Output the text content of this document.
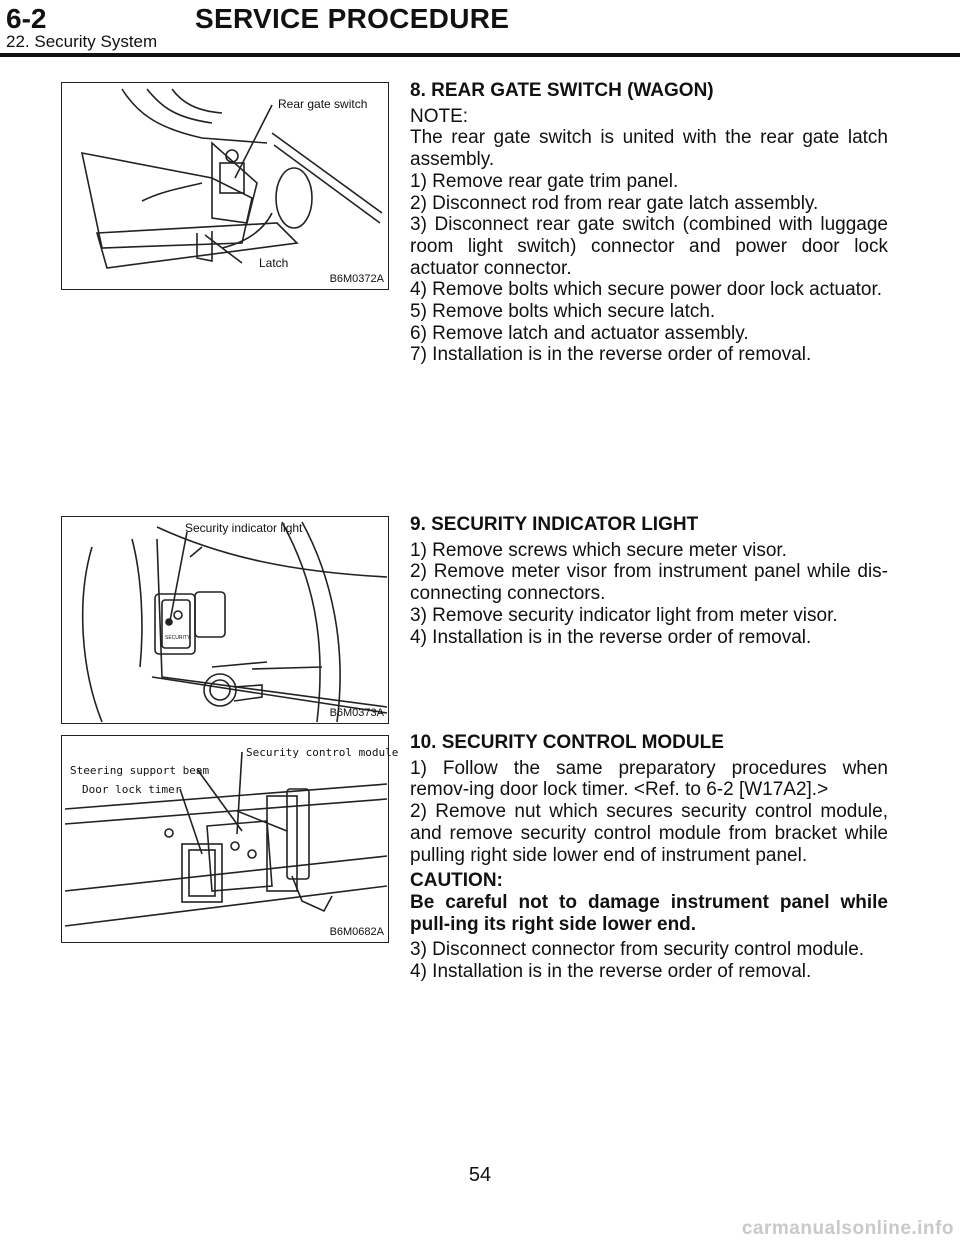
6-2	SERVICE PROCEDURE
22. Security System
Rear gate switch
Latch
B6M0372A
Security indicator light
SECURITY
B6M0373A
Security control module
Steering support beam
Door lock timer
B6M0682A

8. REAR GATE SWITCH (WAGON)

NOTE:

The rear gate switch is united with the rear gate latch assembly.

1) Remove rear gate trim panel.

2) Disconnect rod from rear gate latch assembly.

3) Disconnect rear gate switch (combined with luggage room light switch) connector and power door lock actuator connector.

4) Remove bolts which secure power door lock actuator.

5) Remove bolts which secure latch.

6) Remove latch and actuator assembly.

7) Installation is in the reverse order of removal.

9. SECURITY INDICATOR LIGHT

1) Remove screws which secure meter visor.

2) Remove meter visor from instrument panel while dis-connecting connectors.

3) Remove security indicator light from meter visor.

4) Installation is in the reverse order of removal.

10. SECURITY CONTROL MODULE

1) Follow the same preparatory procedures when remov-ing door lock timer. <Ref. to 6-2 [W17A2].>

2) Remove nut which secures security control module, and remove security control module from bracket while pulling right side lower end of instrument panel.

CAUTION:

Be careful not to damage instrument panel while pull-ing its right side lower end.

3) Disconnect connector from security control module.

4) Installation is in the reverse order of removal.

54
carmanualsonline.info
